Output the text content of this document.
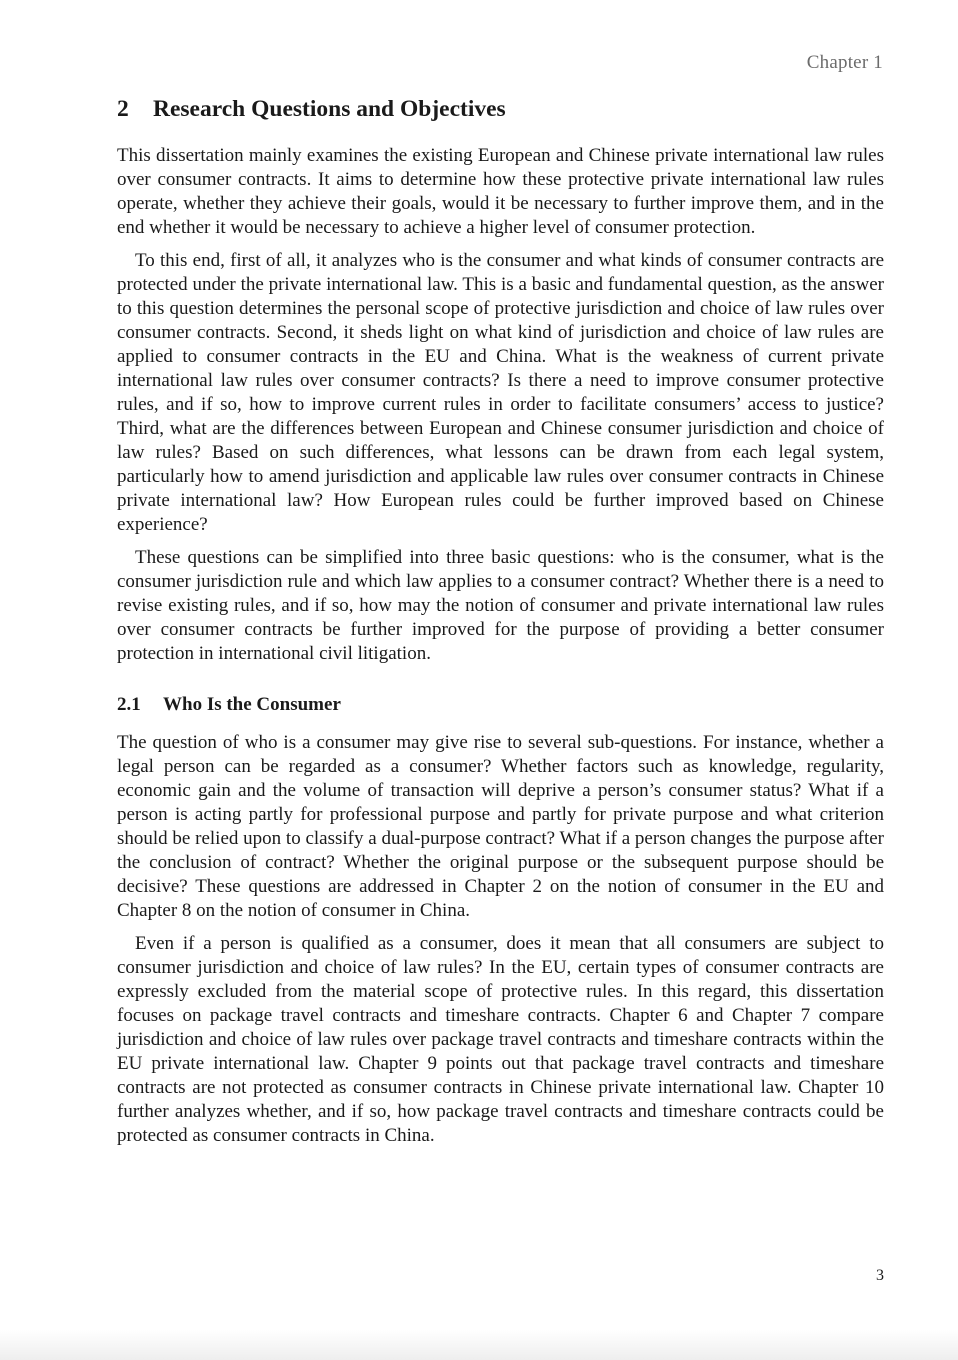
Chapter 1
2 Research Questions and Objectives

This dissertation mainly examines the existing European and Chinese private international law rules over consumer contracts. It aims to determine how these protective private international law rules operate, whether they achieve their goals, would it be necessary to further improve them, and in the end whether it would be necessary to achieve a higher level of consumer protection.

To this end, first of all, it analyzes who is the consumer and what kinds of consumer contracts are protected under the private international law. This is a basic and fundamental question, as the answer to this question determines the personal scope of protective jurisdiction and choice of law rules over consumer contracts. Second, it sheds light on what kind of jurisdiction and choice of law rules are applied to consumer contracts in the EU and China. What is the weakness of current private international law rules over consumer contracts? Is there a need to improve consumer protective rules, and if so, how to improve current rules in order to facilitate consumers’ access to justice? Third, what are the differences between European and Chinese consumer jurisdiction and choice of law rules? Based on such differences, what lessons can be drawn from each legal system, particularly how to amend jurisdiction and applicable law rules over consumer contracts in Chinese private international law? How European rules could be further improved based on Chinese experience?

These questions can be simplified into three basic questions: who is the consumer, what is the consumer jurisdiction rule and which law applies to a consumer contract? Whether there is a need to revise existing rules, and if so, how may the notion of consumer and private international law rules over consumer contracts be further improved for the purpose of providing a better consumer protection in international civil litigation.

2.1 Who Is the Consumer

The question of who is a consumer may give rise to several sub-questions. For instance, whether a legal person can be regarded as a consumer? Whether factors such as knowledge, regularity, economic gain and the volume of transaction will deprive a person’s consumer status? What if a person is acting partly for professional purpose and partly for private purpose and what criterion should be relied upon to classify a dual-purpose contract? What if a person changes the purpose after the conclusion of contract? Whether the original purpose or the subsequent purpose should be decisive? These questions are addressed in Chapter 2 on the notion of consumer in the EU and Chapter 8 on the notion of consumer in China.

Even if a person is qualified as a consumer, does it mean that all consumers are subject to consumer jurisdiction and choice of law rules? In the EU, certain types of consumer contracts are expressly excluded from the material scope of protective rules. In this regard, this dissertation focuses on package travel contracts and timeshare contracts. Chapter 6 and Chapter 7 compare jurisdiction and choice of law rules over package travel contracts and timeshare contracts within the EU private international law. Chapter 9 points out that package travel contracts and timeshare contracts are not protected as consumer contracts in Chinese private international law. Chapter 10 further analyzes whether, and if so, how package travel contracts and timeshare contracts could be protected as consumer contracts in China.

3
